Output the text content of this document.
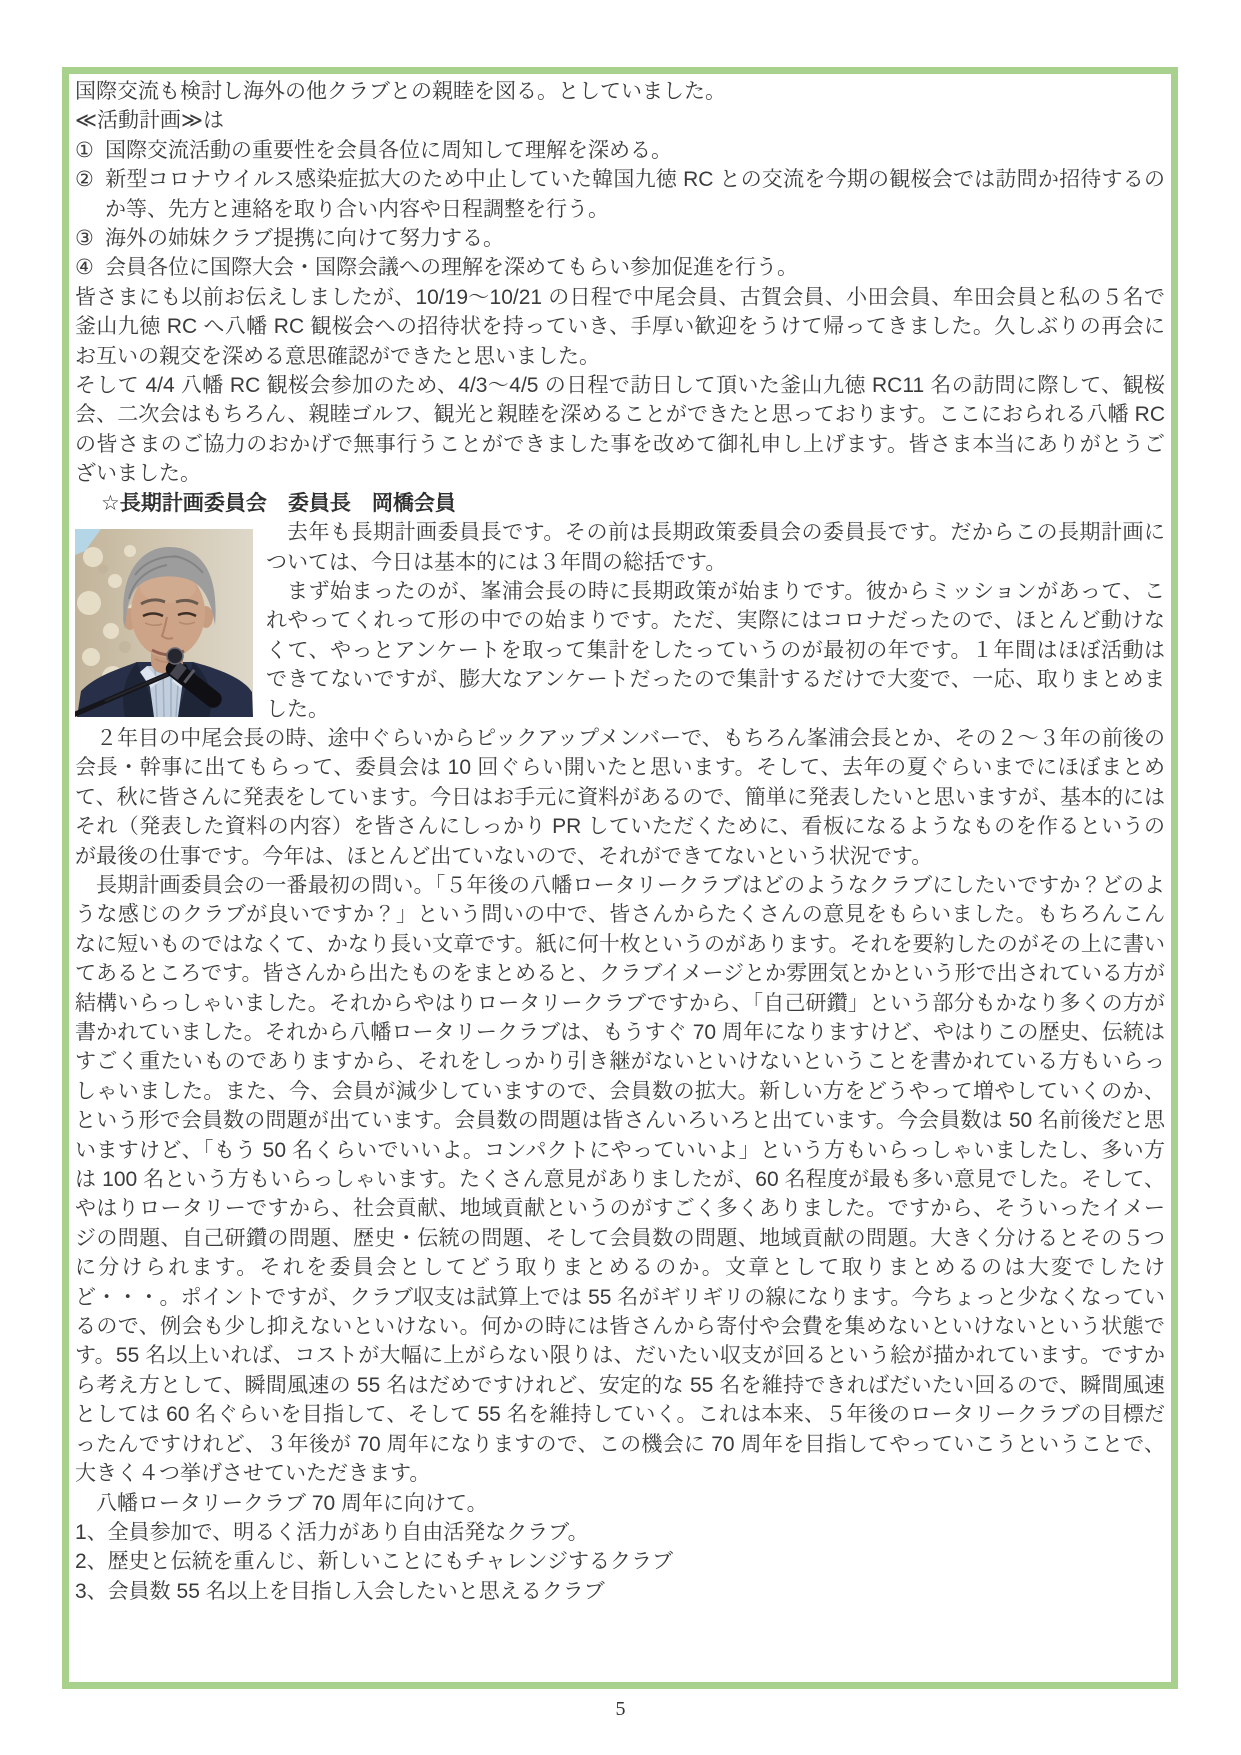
国際交流も検討し海外の他クラブとの親睦を図る。としていました。

≪活動計画≫は

① 国際交流活動の重要性を会員各位に周知して理解を深める。

② 新型コロナウイルス感染症拡大のため中止していた韓国九徳 RC との交流を今期の観桜会では訪問か招待するのか等、先方と連絡を取り合い内容や日程調整を行う。

③ 海外の姉妹クラブ提携に向けて努力する。

④ 会員各位に国際大会・国際会議への理解を深めてもらい参加促進を行う。

皆さまにも以前お伝えしましたが、10/19～10/21 の日程で中尾会員、古賀会員、小田会員、牟田会員と私の５名で釜山九徳 RC へ八幡 RC 観桜会への招待状を持っていき、手厚い歓迎をうけて帰ってきました。久しぶりの再会にお互いの親交を深める意思確認ができたと思いました。

そして 4/4 八幡 RC 観桜会参加のため、4/3～4/5 の日程で訪日して頂いた釜山九徳 RC11 名の訪問に際して、観桜会、二次会はもちろん、親睦ゴルフ、観光と親睦を深めることができたと思っております。ここにおられる八幡 RC の皆さまのご協力のおかげで無事行うことができました事を改めて御礼申し上げます。皆さま本当にありがとうございました。

☆長期計画委員会　委員長　岡橋会員

去年も長期計画委員長です。その前は長期政策委員会の委員長です。だからこの長期計画については、今日は基本的には３年間の総括です。

まず始まったのが、峯浦会長の時に長期政策が始まりです。彼からミッションがあって、これやってくれって形の中での始まりです。ただ、実際にはコロナだったので、ほとんど動けなくて、やっとアンケートを取って集計をしたっていうのが最初の年です。１年間はほぼ活動はできてないですが、膨大なアンケートだったので集計するだけで大変で、一応、取りまとめました。

２年目の中尾会長の時、途中ぐらいからピックアップメンバーで、もちろん峯浦会長とか、その２～３年の前後の会長・幹事に出てもらって、委員会は 10 回ぐらい開いたと思います。そして、去年の夏ぐらいまでにほぼまとめて、秋に皆さんに発表をしています。今日はお手元に資料があるので、簡単に発表したいと思いますが、基本的にはそれ（発表した資料の内容）を皆さんにしっかり PR していただくために、看板になるようなものを作るというのが最後の仕事です。今年は、ほとんど出ていないので、それができてないという状況です。

長期計画委員会の一番最初の問い。「５年後の八幡ロータリークラブはどのようなクラブにしたいですか？どのような感じのクラブが良いですか？」という問いの中で、皆さんからたくさんの意見をもらいました。もちろんこんなに短いものではなくて、かなり長い文章です。紙に何十枚というのがあります。それを要約したのがその上に書いてあるところです。皆さんから出たものをまとめると、クラブイメージとか雰囲気とかという形で出されている方が結構いらっしゃいました。それからやはりロータリークラブですから、「自己研鑽」という部分もかなり多くの方が書かれていました。それから八幡ロータリークラブは、もうすぐ 70 周年になりますけど、やはりこの歴史、伝統はすごく重たいものでありますから、それをしっかり引き継がないといけないということを書かれている方もいらっしゃいました。また、今、会員が減少していますので、会員数の拡大。新しい方をどうやって増やしていくのか、という形で会員数の問題が出ています。会員数の問題は皆さんいろいろと出ています。今会員数は 50 名前後だと思いますけど、「もう 50 名くらいでいいよ。コンパクトにやっていいよ」という方もいらっしゃいましたし、多い方は 100 名という方もいらっしゃいます。たくさん意見がありましたが、60 名程度が最も多い意見でした。そして、やはりロータリーですから、社会貢献、地域貢献というのがすごく多くありました。ですから、そういったイメージの問題、自己研鑽の問題、歴史・伝統の問題、そして会員数の問題、地域貢献の問題。大きく分けるとその５つに分けられます。それを委員会としてどう取りまとめるのか。文章として取りまとめるのは大変でしたけど・・・。ポイントですが、クラブ収支は試算上では 55 名がギリギリの線になります。今ちょっと少なくなっているので、例会も少し抑えないといけない。何かの時には皆さんから寄付や会費を集めないといけないという状態です。55 名以上いれば、コストが大幅に上がらない限りは、だいたい収支が回るという絵が描かれています。ですから考え方として、瞬間風速の 55 名はだめですけれど、安定的な 55 名を維持できればだいたい回るので、瞬間風速としては 60 名ぐらいを目指して、そして 55 名を維持していく。これは本来、５年後のロータリークラブの目標だったんですけれど、３年後が 70 周年になりますので、この機会に 70 周年を目指してやっていこうということで、大きく４つ挙げさせていただきます。

八幡ロータリークラブ 70 周年に向けて。

1、全員参加で、明るく活力があり自由活発なクラブ。

2、歴史と伝統を重んじ、新しいことにもチャレンジするクラブ

3、会員数 55 名以上を目指し入会したいと思えるクラブ

5
